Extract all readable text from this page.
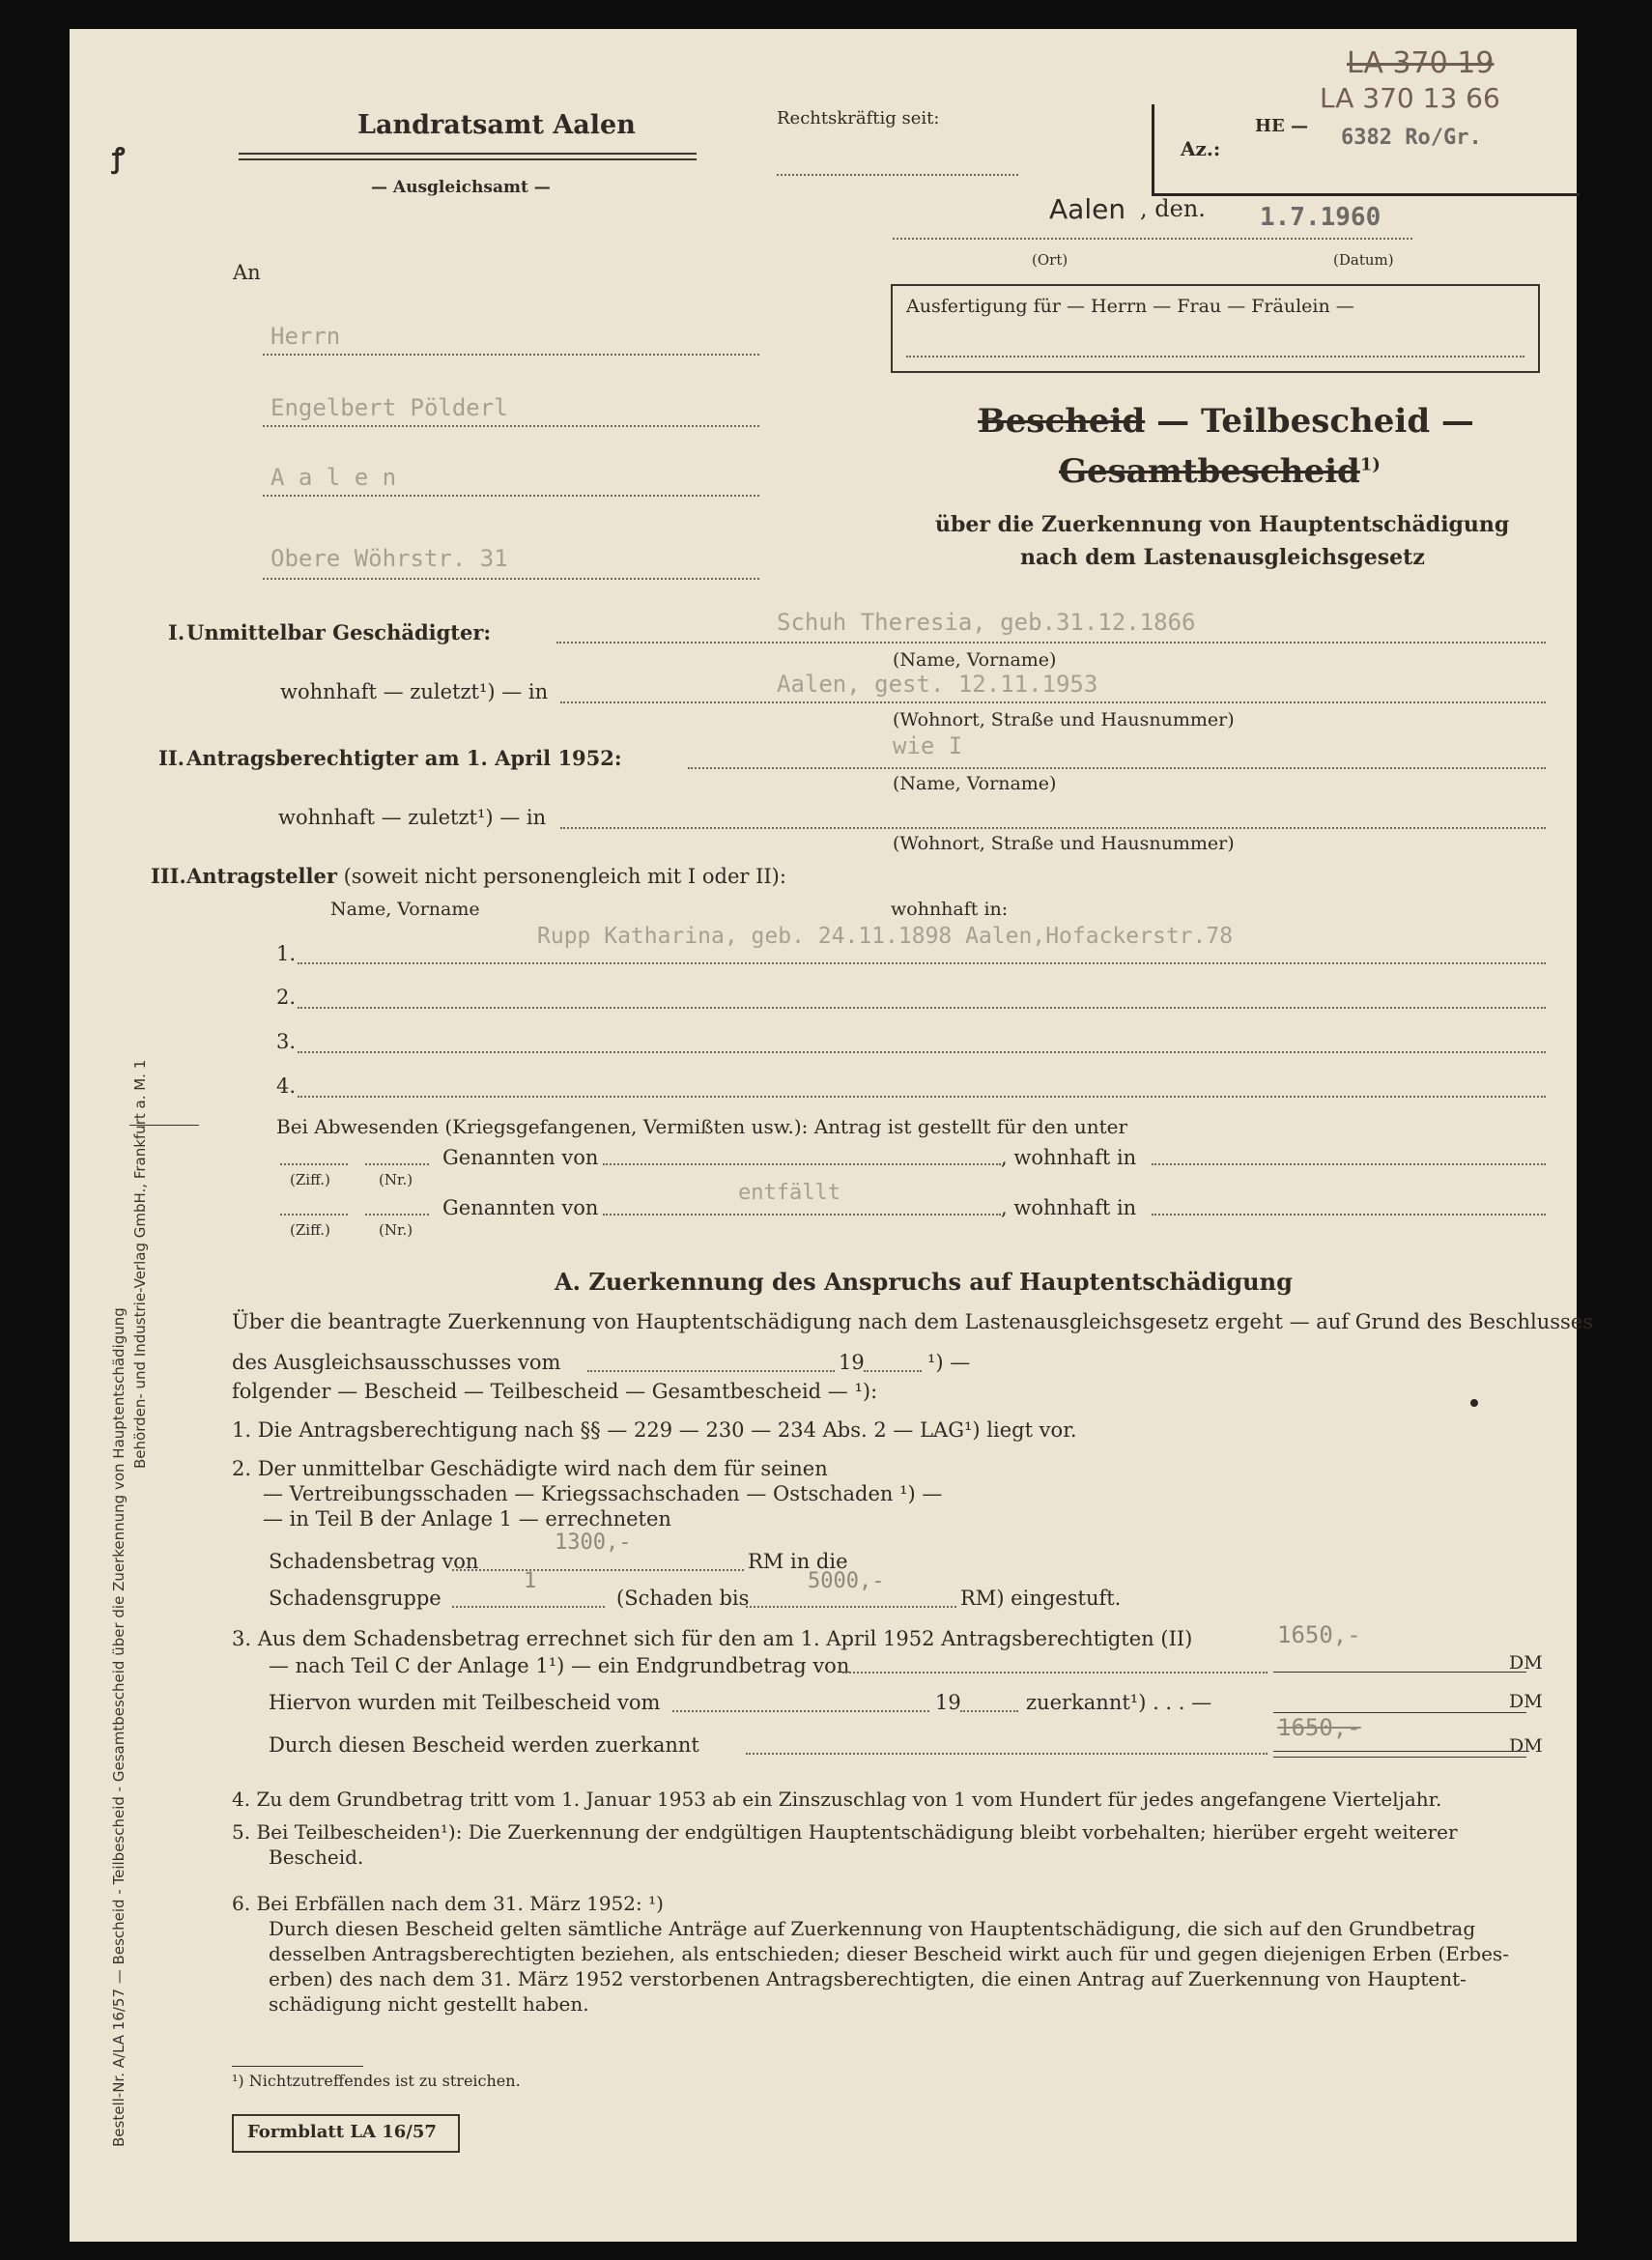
Landratsamt Aalen
— Ausgleichsamt —
An
Herrn
Engelbert Pölderl
A a l e n
Obere Wöhrstr. 31
Rechtskräftig seit:	HE —
Az.:	6382 Ro/Gr.
LA 370 19
LA 370 13 66
Aalen , den. 1.7.1960
(Ort)	(Datum)
Ausfertigung für — Herrn — Frau — Fräulein —
Bescheid — Teilbescheid —
Gesamtbescheid$^{1)}$
über die Zuerkennung von Hauptentschädigung
nach dem Lastenausgleichsgesetz
I. Unmittelbar Geschädigter:	Schuh Theresia, geb.31.12.1866
(Name, Vorname)
wohnhaft — zuletzt¹) — in	Aalen, gest. 12.11.1953
(Wohnort, Straße und Hausnummer)
II. Antragsberechtigter am 1. April 1952:	wie I
(Name, Vorname)
wohnhaft — zuletzt¹) — in
(Wohnort, Straße und Hausnummer)
III. Antragsteller (soweit nicht personengleich mit I oder II):
Name, Vorname	wohnhaft in:
1.
Rupp Katharina, geb. 24.11.1898 Aalen,Hofackerstr.78
2.
3.
4.
Bei Abwesenden (Kriegsgefangenen, Vermißten usw.): Antrag ist gestellt für den unter
Genannten von	, wohnhaft in
(Ziff.)	(Nr.)
Genannten von
entfällt
, wohnhaft in
(Ziff.)	(Nr.)
A. Zuerkennung des Anspruchs auf Hauptentschädigung
Über die beantragte Zuerkennung von Hauptentschädigung nach dem Lastenausgleichsgesetz ergeht — auf Grund des Beschlusses
des Ausgleichsausschusses vom	19	¹) —
folgender — Bescheid — Teilbescheid — Gesamtbescheid — ¹):
1. Die Antragsberechtigung nach §§ — 229 — 230 — 234 Abs. 2 — LAG¹) liegt vor.
2. Der unmittelbar Geschädigte wird nach dem für seinen
— Vertreibungsschaden — Kriegssachschaden — Ostschaden ¹) —
— in Teil B der Anlage 1 — errechneten
Schadensbetrag von
1300,-
RM in die
Schadensgruppe
1
(Schaden bis
5000,-
RM) eingestuft.
3. Aus dem Schadensbetrag errechnet sich für den am 1. April 1952 Antragsberechtigten (II)
— nach Teil C der Anlage 1¹) — ein Endgrundbetrag von
1650,-
DM
Hiervon wurden mit Teilbescheid vom	19	zuerkannt¹) . . . —	DM
Durch diesen Bescheid werden zuerkannt
1650,-
DM
4. Zu dem Grundbetrag tritt vom 1. Januar 1953 ab ein Zinszuschlag von 1 vom Hundert für jedes angefangene Vierteljahr.
5. Bei Teilbescheiden¹): Die Zuerkennung der endgültigen Hauptentschädigung bleibt vorbehalten; hierüber ergeht weiterer
Bescheid.
6. Bei Erbfällen nach dem 31. März 1952: ¹)
Durch diesen Bescheid gelten sämtliche Anträge auf Zuerkennung von Hauptentschädigung, die sich auf den Grundbetrag
desselben Antragsberechtigten beziehen, als entschieden; dieser Bescheid wirkt auch für und gegen diejenigen Erben (Erbes-
erben) des nach dem 31. März 1952 verstorbenen Antragsberechtigten, die einen Antrag auf Zuerkennung von Hauptent-
schädigung nicht gestellt haben.
¹) Nichtzutreffendes ist zu streichen.
Formblatt LA 16/57
Bestell-Nr. A/LA 16/57 — Bescheid - Teilbescheid - Gesamtbescheid über die Zuerkennung von Hauptentschädigung
Behörden- und Industrie-Verlag GmbH., Frankfurt a. M. 1
ꝭ
